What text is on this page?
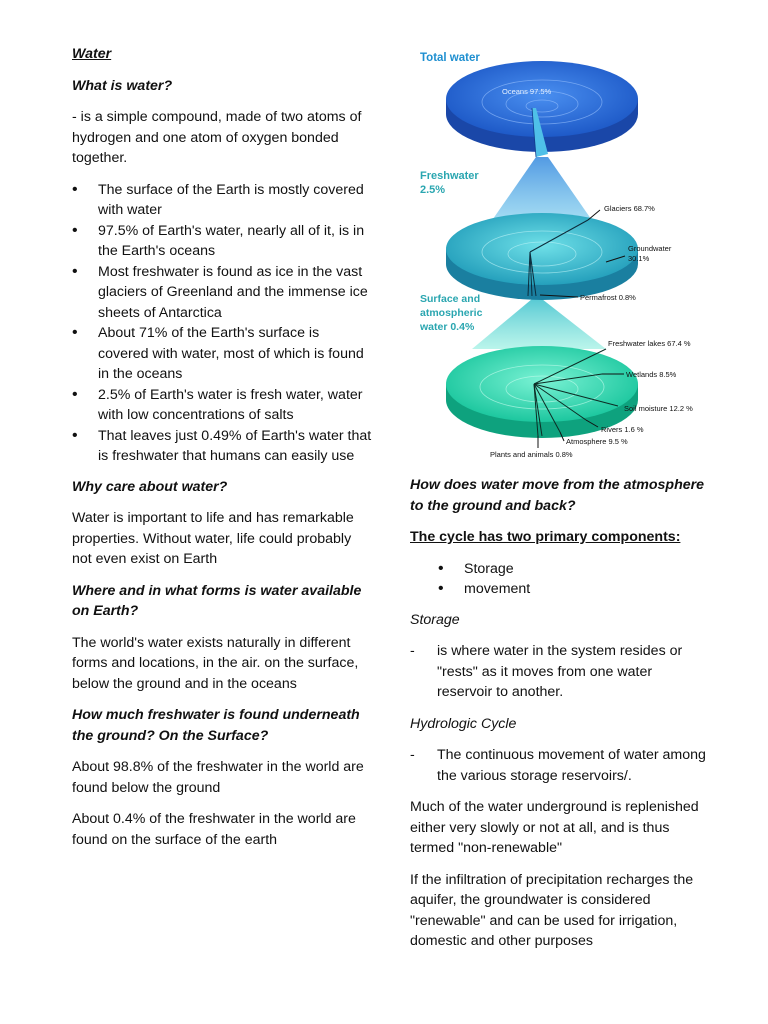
Water

What is water?

- is a simple compound, made of two atoms of hydrogen and one atom of oxygen bonded together.

• The surface of the Earth is mostly covered with water
• 97.5% of Earth's water, nearly all of it, is in the Earth's oceans
• Most freshwater is found as ice in the vast glaciers of Greenland and the immense ice sheets of Antarctica
• About 71% of the Earth's surface is covered with water, most of which is found in the oceans
• 2.5% of Earth's water is fresh water, water with low concentrations of salts
• That leaves just 0.49% of Earth's water that is freshwater that humans can easily use

Why care about water?

Water is important to life and has remarkable properties. Without water, life could probably not even exist on Earth

Where and in what forms is water available on Earth?

The world's water exists naturally in different forms and locations, in the air. on the surface, below the ground and in the oceans

How much freshwater is found underneath the ground? On the Surface?

About 98.8% of the freshwater in the world are found below the ground

About 0.4% of the freshwater in the world are found on the surface of the earth

Total water
Oceans 97.5%
Freshwater
2.5%
Glaciers 68.7%
Groundwater
30.1%
Permafrost 0.8%
Surface and
atmospheric
water 0.4%
Freshwater lakes 67.4 %
Wetlands 8.5%
Soil moisture 12.2 %
Rivers 1.6 %
Atmosphere 9.5 %
Plants and animals 0.8%

How does water move from the atmosphere to the ground and back?

The cycle has two primary components:

• Storage
• movement

Storage

- is where water in the system resides or "rests" as it moves from one water reservoir to another.

Hydrologic Cycle

- The continuous movement of water among the various storage reservoirs/.

Much of the water underground is replenished either very slowly or not at all, and is thus termed "non-renewable"

If the infiltration of precipitation recharges the aquifer, the groundwater is considered "renewable" and can be used for irrigation, domestic and other purposes
